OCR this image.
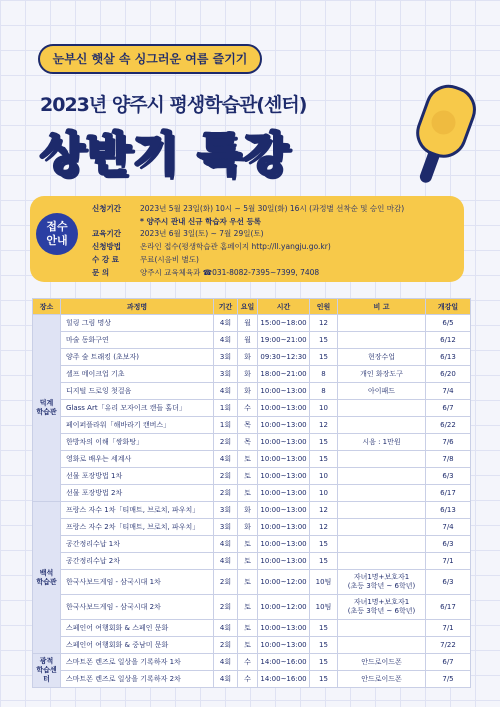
눈부신 햇살 속 싱그러운 여름 즐기기
2023년 양주시 평생학습관(센터)
상반기 특강
접수
안내
신청기간	2023년 5월 23일(화) 10시 ~ 5월 30일(화) 16시 (과정별 선착순 및 승인 마감)
* 양주시 관내 신규 학습자 우선 등록
교육기간	2023년 6월 3일(토) ~ 7월 29일(토)
신청방법	온라인 접수(평생학습관 홈페이지 http://ll.yangju.go.kr)
수 강 료	무료(시음비 별도)
문 의	양주시 교육체육과 ☎031-8082-7395~7399, 7408
장소	과정명	기간	요일	시간	인원	비 고	개강일
덕계
학습관	힐링 그림 명상	4회	월	15:00~18:00	12		6/5
	마술 동화구연	4회	월	19:00~21:00	15		6/12
	양주 숲 트래킹 (초보자)	3회	화	09:30~12:30	15	현장수업	6/13
	셀프 메이크업 기초	3회	화	18:00~21:00	8	개인 화장도구	6/20
	디지털 드로잉 첫걸음	4회	화	10:00~13:00	8	아이패드	7/4
	Glass Art「유리 모자이크 캔들 홀더」	1회	수	10:00~13:00	10		6/7
	페이퍼플라워「해바라기 캔버스」	1회	목	10:00~13:00	12		6/22
	한방차의 이해「쌍화탕」	2회	목	10:00~13:00	15	시음 : 1만원	7/6
	영화로 배우는 세계사	4회	토	10:00~13:00	15		7/8
	선물 포장방법 1차	2회	토	10:00~13:00	10		6/3
	선물 포장방법 2차	2회	토	10:00~13:00	10		6/17
백석
학습관	프랑스 자수 1차「티매트, 브로치, 파우치」	3회	화	10:00~13:00	12		6/13
	프랑스 자수 2차「티매트, 브로치, 파우치」	3회	화	10:00~13:00	12		7/4
	공간정리수납 1차	4회	토	10:00~13:00	15		6/3
	공간정리수납 2차	4회	토	10:00~13:00	15		7/1
	한국사보드게임 - 삼국시대 1차	2회	토	10:00~12:00	10팀	자녀1명+보호자1
(초등 3학년 ~ 6학년)	6/3
	한국사보드게임 - 삼국시대 2차	2회	토	10:00~12:00	10팀	자녀1명+보호자1
(초등 3학년 ~ 6학년)	6/17
	스페인어 여행회화 & 스페인 문화	4회	토	10:00~13:00	15		7/1
	스페인어 여행회화 & 중남미 문화	2회	토	10:00~13:00	15		7/22
광적
학습센터	스마트폰 렌즈로 일상을 기록하자 1차	4회	수	14:00~16:00	15	안드로이드폰	6/7
	스마트폰 렌즈로 일상을 기록하자 2차	4회	수	14:00~16:00	15	안드로이드폰	7/5
